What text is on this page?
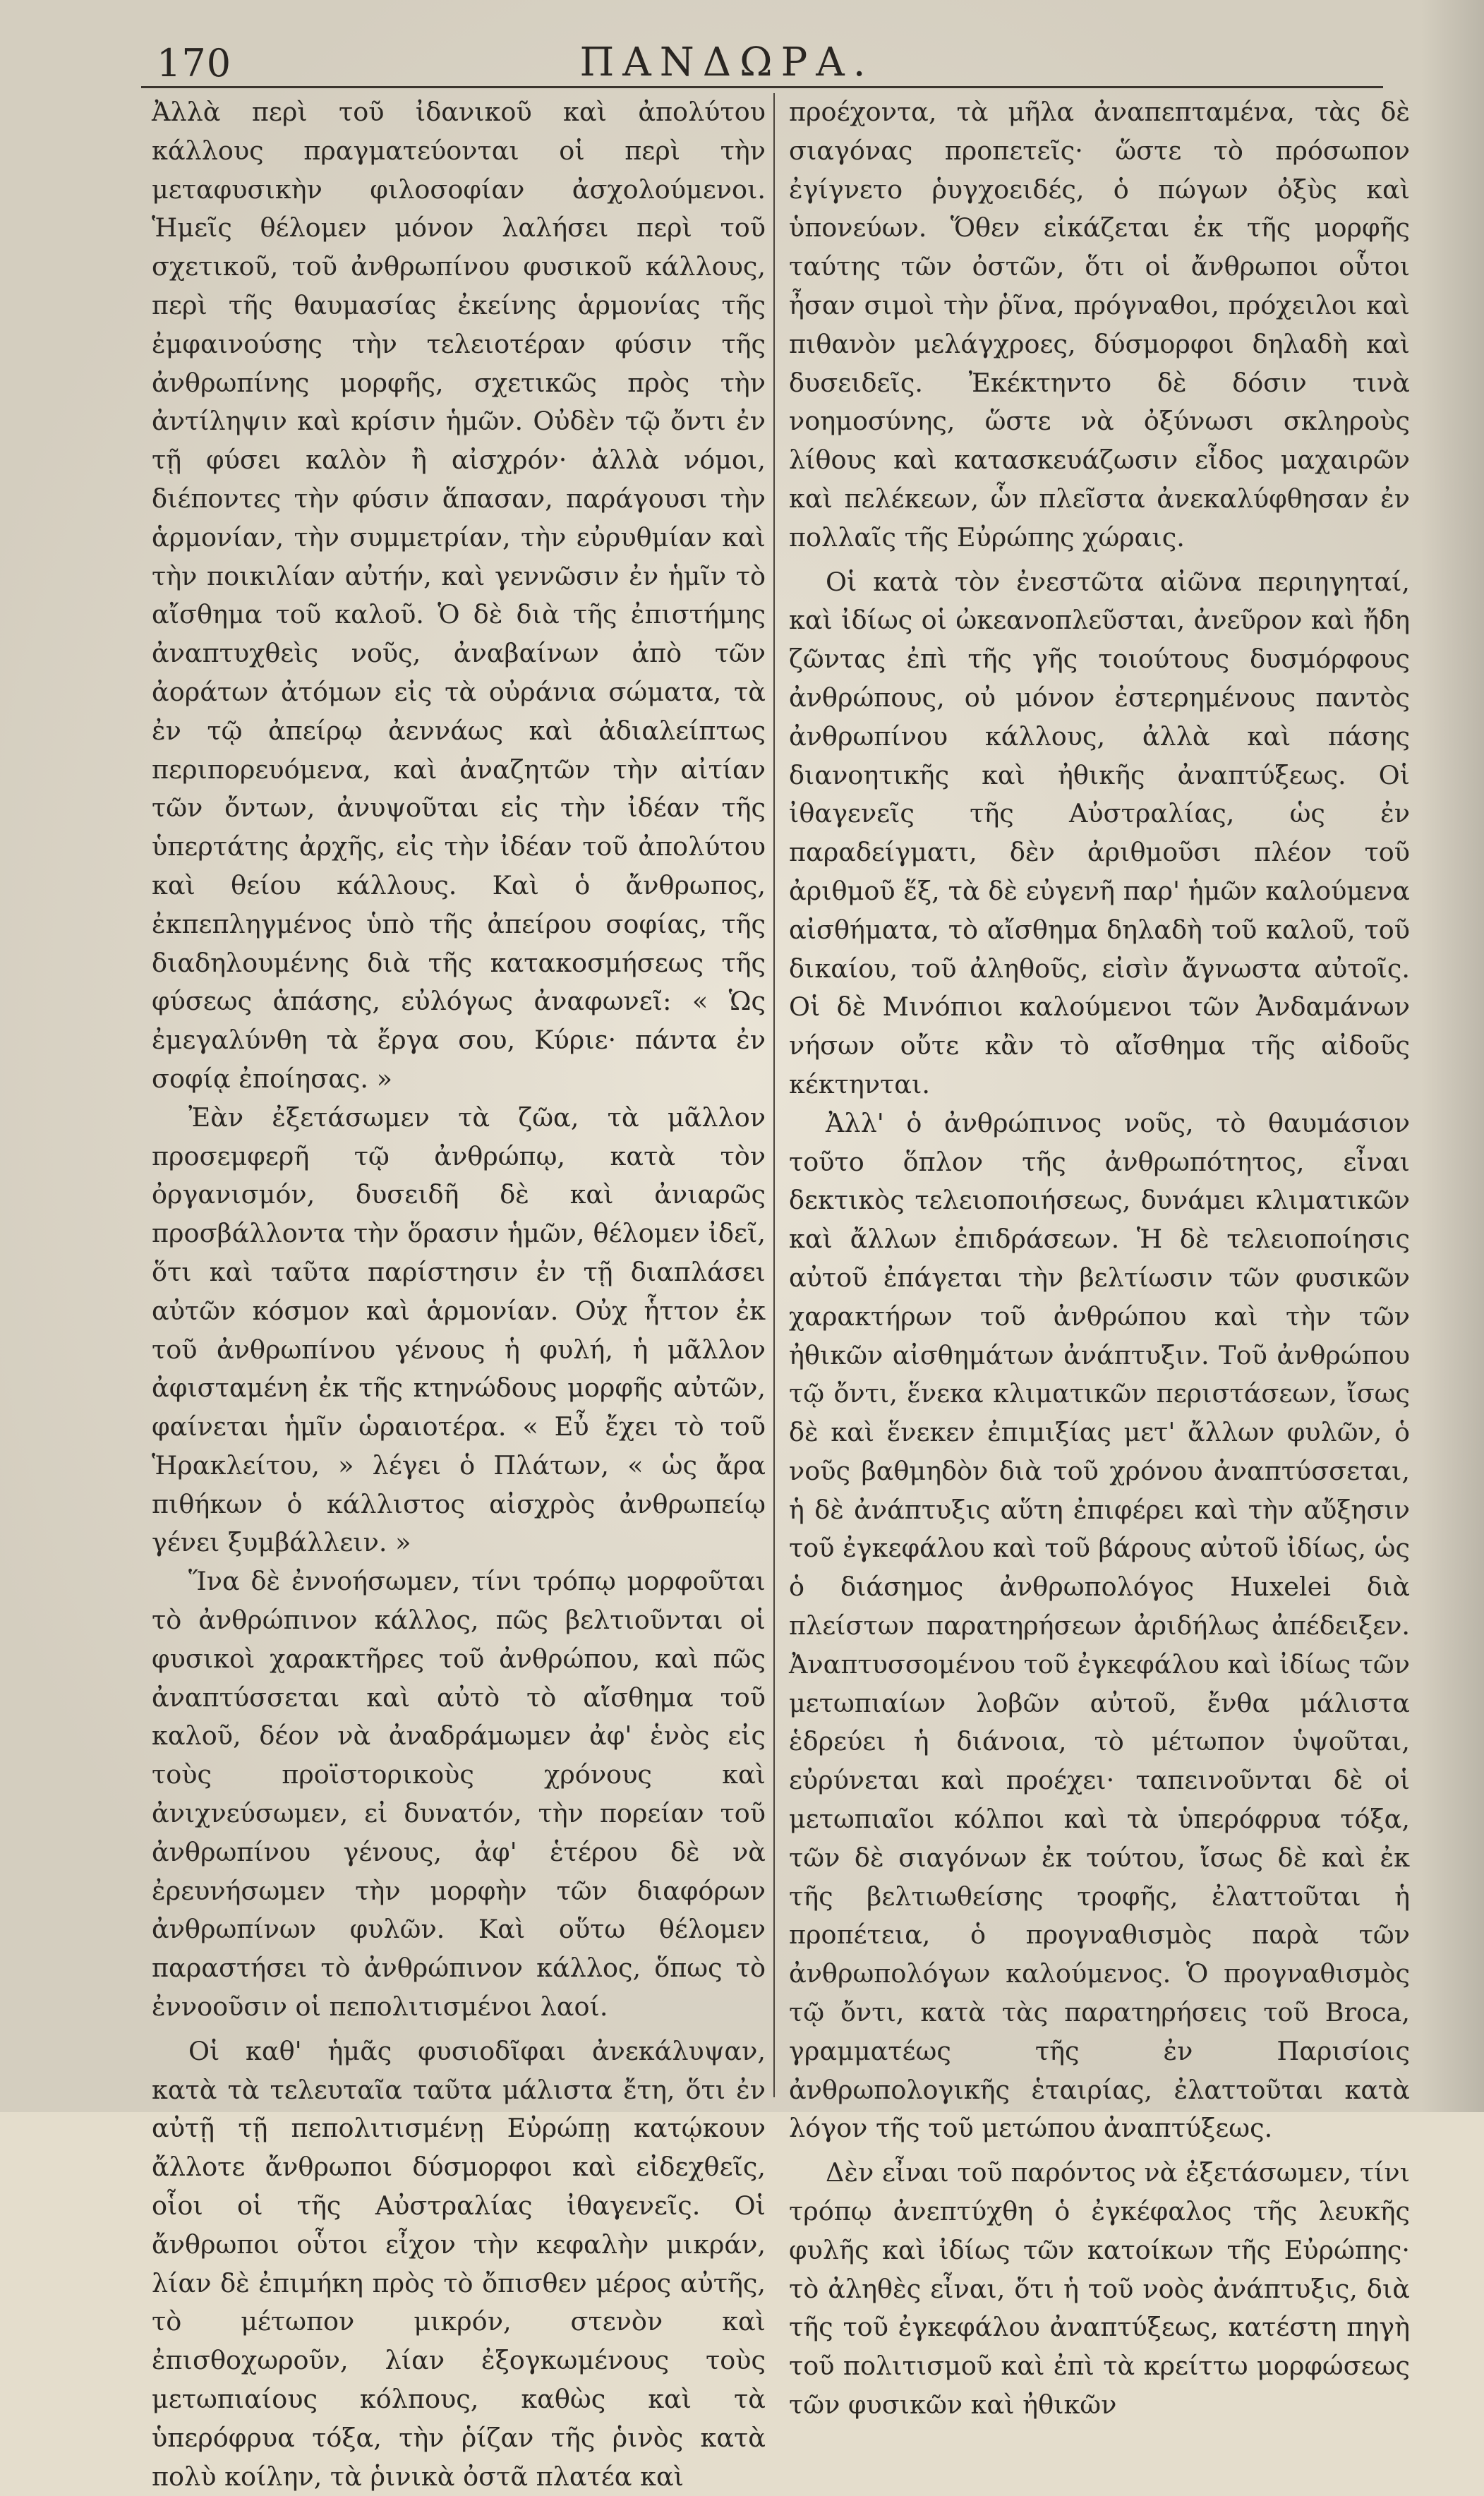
170	ΠΑΝΔΩΡΑ.

Ἀλλὰ περὶ τοῦ ἰδανικοῦ καὶ ἀπολύτου κάλλους πραγματεύονται οἱ περὶ τὴν μεταφυσικὴν φιλοσοφίαν ἀσχολούμενοι. Ἡμεῖς θέλομεν μόνον λαλήσει περὶ τοῦ σχετικοῦ, τοῦ ἀνθρωπίνου φυσικοῦ κάλλους, περὶ τῆς θαυμασίας ἐκείνης ἁρμονίας τῆς ἐμφαινούσης τὴν τελειοτέραν φύσιν τῆς ἀνθρωπίνης μορφῆς, σχετικῶς πρὸς τὴν ἀντίληψιν καὶ κρίσιν ἡμῶν. Οὐδὲν τῷ ὄντι ἐν τῇ φύσει καλὸν ἢ αἰσχρόν· ἀλλὰ νόμοι, διέποντες τὴν φύσιν ἅπασαν, παράγουσι τὴν ἁρμονίαν, τὴν συμμετρίαν, τὴν εὐρυθμίαν καὶ τὴν ποικιλίαν αὐτήν, καὶ γεννῶσιν ἐν ἡμῖν τὸ αἴσθημα τοῦ καλοῦ. Ὁ δὲ διὰ τῆς ἐπιστήμης ἀναπτυχθεὶς νοῦς, ἀναβαίνων ἀπὸ τῶν ἀοράτων ἀτόμων εἰς τὰ οὐράνια σώματα, τὰ ἐν τῷ ἀπείρῳ ἀεννάως καὶ ἀδιαλείπτως περιπορευόμενα, καὶ ἀναζητῶν τὴν αἰτίαν τῶν ὄντων, ἀνυψοῦται εἰς τὴν ἰδέαν τῆς ὑπερτάτης ἀρχῆς, εἰς τὴν ἰδέαν τοῦ ἀπολύτου καὶ θείου κάλλους. Καὶ ὁ ἄνθρωπος, ἐκπεπληγμένος ὑπὸ τῆς ἀπείρου σοφίας, τῆς διαδηλουμένης διὰ τῆς κατακοσμήσεως τῆς φύσεως ἁπάσης, εὐλόγως ἀναφωνεῖ: « Ὡς ἐμεγαλύνθη τὰ ἔργα σου, Κύριε· πάντα ἐν σοφίᾳ ἐποίησας. »

Ἐὰν ἐξετάσωμεν τὰ ζῶα, τὰ μᾶλλον προσεμφερῆ τῷ ἀνθρώπῳ, κατὰ τὸν ὀργανισμόν, δυσειδῆ δὲ καὶ ἀνιαρῶς προσβάλλοντα τὴν ὅρασιν ἡμῶν, θέλομεν ἰδεῖ, ὅτι καὶ ταῦτα παρίστησιν ἐν τῇ διαπλάσει αὐτῶν κόσμον καὶ ἁρμονίαν. Οὐχ ἧττον ἐκ τοῦ ἀνθρωπίνου γένους ἡ φυλή, ἡ μᾶλλον ἀφισταμένη ἐκ τῆς κτηνώδους μορφῆς αὐτῶν, φαίνεται ἡμῖν ὡραιοτέρα. « Εὖ ἔχει τὸ τοῦ Ἡρακλείτου, » λέγει ὁ Πλάτων, « ὡς ἄρα πιθήκων ὁ κάλλιστος αἰσχρὸς ἀνθρωπείῳ γένει ξυμβάλλειν. »

Ἵνα δὲ ἐννοήσωμεν, τίνι τρόπῳ μορφοῦται τὸ ἀνθρώπινον κάλλος, πῶς βελτιοῦνται οἱ φυσικοὶ χαρακτῆρες τοῦ ἀνθρώπου, καὶ πῶς ἀναπτύσσεται καὶ αὐτὸ τὸ αἴσθημα τοῦ καλοῦ, δέον νὰ ἀναδράμωμεν ἀφ' ἑνὸς εἰς τοὺς προϊστορικοὺς χρόνους καὶ ἀνιχνεύσωμεν, εἰ δυνατόν, τὴν πορείαν τοῦ ἀνθρωπίνου γένους, ἀφ' ἑτέρου δὲ νὰ ἐρευνήσωμεν τὴν μορφὴν τῶν διαφόρων ἀνθρωπίνων φυλῶν. Καὶ οὕτω θέλομεν παραστήσει τὸ ἀνθρώπινον κάλλος, ὅπως τὸ ἐννοοῦσιν οἱ πεπολιτισμένοι λαοί.

Οἱ καθ' ἡμᾶς φυσιοδῖφαι ἀνεκάλυψαν, κατὰ τὰ τελευταῖα ταῦτα μάλιστα ἔτη, ὅτι ἐν αὐτῇ τῇ πεπολιτισμένῃ Εὐρώπῃ κατῴκουν ἄλλοτε ἄνθρωποι δύσμορφοι καὶ εἰδεχθεῖς, οἷοι οἱ τῆς Αὐστραλίας ἰθαγενεῖς. Οἱ ἄνθρωποι οὗτοι εἶχον τὴν κεφαλὴν μικράν, λίαν δὲ ἐπιμήκη πρὸς τὸ ὄπισθεν μέρος αὐτῆς, τὸ μέτωπον μικρόν, στενὸν καὶ ἐπισθοχωροῦν, λίαν ἐξογκωμένους τοὺς μετωπιαίους κόλπους, καθὼς καὶ τὰ ὑπερόφρυα τόξα, τὴν ῥίζαν τῆς ῥινὸς κατὰ πολὺ κοίλην, τὰ ῥινικὰ ὀστᾶ πλατέα καὶ

προέχοντα, τὰ μῆλα ἀναπεπταμένα, τὰς δὲ σιαγόνας προπετεῖς· ὥστε τὸ πρόσωπον ἐγίγνετο ῥυγχοειδές, ὁ πώγων ὀξὺς καὶ ὑπονεύων. Ὅθεν εἰκάζεται ἐκ τῆς μορφῆς ταύτης τῶν ὀστῶν, ὅτι οἱ ἄνθρωποι οὗτοι ἦσαν σιμοὶ τὴν ῥῖνα, πρόγναθοι, πρόχειλοι καὶ πιθανὸν μελάγχροες, δύσμορφοι δηλαδὴ καὶ δυσειδεῖς. Ἐκέκτηντο δὲ δόσιν τινὰ νοημοσύνης, ὥστε νὰ ὀξύνωσι σκληροὺς λίθους καὶ κατασκευάζωσιν εἶδος μαχαιρῶν καὶ πελέκεων, ὧν πλεῖστα ἀνεκαλύφθησαν ἐν πολλαῖς τῆς Εὐρώπης χώραις.

Οἱ κατὰ τὸν ἐνεστῶτα αἰῶνα περιηγηταί, καὶ ἰδίως οἱ ὠκεανοπλεῦσται, ἀνεῦρον καὶ ἤδη ζῶντας ἐπὶ τῆς γῆς τοιούτους δυσμόρφους ἀνθρώπους, οὐ μόνον ἐστερημένους παντὸς ἀνθρωπίνου κάλλους, ἀλλὰ καὶ πάσης διανοητικῆς καὶ ἠθικῆς ἀναπτύξεως. Οἱ ἰθαγενεῖς τῆς Αὐστραλίας, ὡς ἐν παραδείγματι, δὲν ἀριθμοῦσι πλέον τοῦ ἀριθμοῦ ἕξ, τὰ δὲ εὐγενῆ παρ' ἡμῶν καλούμενα αἰσθήματα, τὸ αἴσθημα δηλαδὴ τοῦ καλοῦ, τοῦ δικαίου, τοῦ ἀληθοῦς, εἰσὶν ἄγνωστα αὐτοῖς. Οἱ δὲ Μινόπιοι καλούμενοι τῶν Ἀνδαμάνων νήσων οὔτε κἂν τὸ αἴσθημα τῆς αἰδοῦς κέκτηνται.

Ἀλλ' ὁ ἀνθρώπινος νοῦς, τὸ θαυμάσιον τοῦτο ὅπλον τῆς ἀνθρωπότητος, εἶναι δεκτικὸς τελειοποιήσεως, δυνάμει κλιματικῶν καὶ ἄλλων ἐπιδράσεων. Ἡ δὲ τελειοποίησις αὐτοῦ ἐπάγεται τὴν βελτίωσιν τῶν φυσικῶν χαρακτήρων τοῦ ἀνθρώπου καὶ τὴν τῶν ἠθικῶν αἰσθημάτων ἀνάπτυξιν. Τοῦ ἀνθρώπου τῷ ὄντι, ἕνεκα κλιματικῶν περιστάσεων, ἴσως δὲ καὶ ἕνεκεν ἐπιμιξίας μετ' ἄλλων φυλῶν, ὁ νοῦς βαθμηδὸν διὰ τοῦ χρόνου ἀναπτύσσεται, ἡ δὲ ἀνάπτυξις αὕτη ἐπιφέρει καὶ τὴν αὔξησιν τοῦ ἐγκεφάλου καὶ τοῦ βάρους αὐτοῦ ἰδίως, ὡς ὁ διάσημος ἀνθρωπολόγος Huxelei διὰ πλείστων παρατηρήσεων ἀριδήλως ἀπέδειξεν. Ἀναπτυσσομένου τοῦ ἐγκεφάλου καὶ ἰδίως τῶν μετωπιαίων λοβῶν αὐτοῦ, ἔνθα μάλιστα ἑδρεύει ἡ διάνοια, τὸ μέτωπον ὑψοῦται, εὐρύνεται καὶ προέχει· ταπεινοῦνται δὲ οἱ μετωπιαῖοι κόλποι καὶ τὰ ὑπερόφρυα τόξα, τῶν δὲ σιαγόνων ἐκ τούτου, ἴσως δὲ καὶ ἐκ τῆς βελτιωθείσης τροφῆς, ἐλαττοῦται ἡ προπέτεια, ὁ προγναθισμὸς παρὰ τῶν ἀνθρωπολόγων καλούμενος. Ὁ προγναθισμὸς τῷ ὄντι, κατὰ τὰς παρατηρήσεις τοῦ Broca, γραμματέως τῆς ἐν Παρισίοις ἀνθρωπολογικῆς ἑταιρίας, ἐλαττοῦται κατὰ λόγον τῆς τοῦ μετώπου ἀναπτύξεως.

Δὲν εἶναι τοῦ παρόντος νὰ ἐξετάσωμεν, τίνι τρόπῳ ἀνεπτύχθη ὁ ἐγκέφαλος τῆς λευκῆς φυλῆς καὶ ἰδίως τῶν κατοίκων τῆς Εὐρώπης· τὸ ἀληθὲς εἶναι, ὅτι ἡ τοῦ νοὸς ἀνάπτυξις, διὰ τῆς τοῦ ἐγκεφάλου ἀναπτύξεως, κατέστη πηγὴ τοῦ πολιτισμοῦ καὶ ἐπὶ τὰ κρείττω μορφώσεως τῶν φυσικῶν καὶ ἠθικῶν
